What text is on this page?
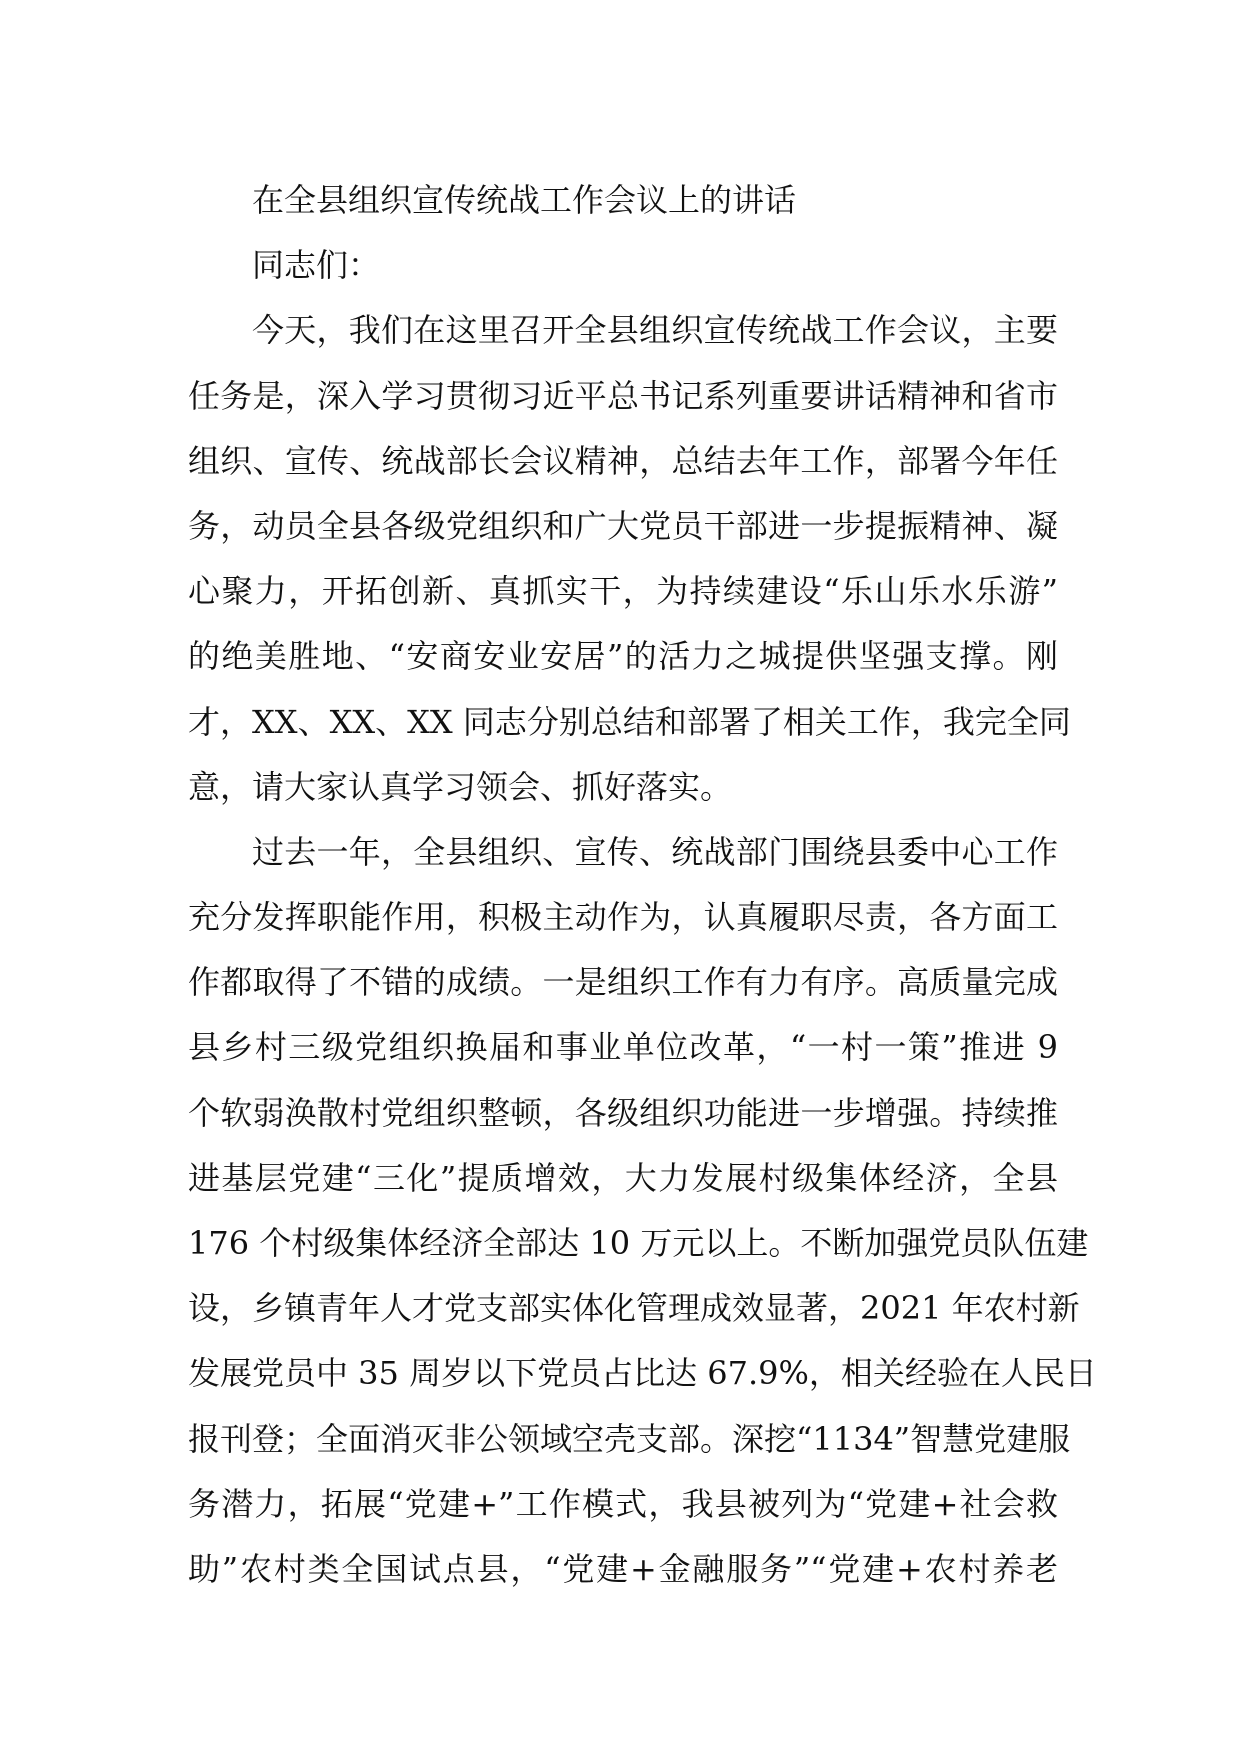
在全县组织宣传统战工作会议上的讲话
同志们：
今天，我们在这里召开全县组织宣传统战工作会议，主要
任务是，深入学习贯彻习近平总书记系列重要讲话精神和省市
组织、宣传、统战部长会议精神，总结去年工作，部署今年任
务，动员全县各级党组织和广大党员干部进一步提振精神、凝
心聚力，开拓创新、真抓实干，为持续建设“乐山乐水乐游”
的绝美胜地、“安商安业安居”的活力之城提供坚强支撑。刚
才，XX、XX、XX 同志分别总结和部署了相关工作，我完全同
意，请大家认真学习领会、抓好落实。
过去一年，全县组织、宣传、统战部门围绕县委中心工作
充分发挥职能作用，积极主动作为，认真履职尽责，各方面工
作都取得了不错的成绩。一是组织工作有力有序。高质量完成
县乡村三级党组织换届和事业单位改革，“一村一策”推进 9
个软弱涣散村党组织整顿，各级组织功能进一步增强。持续推
进基层党建“三化”提质增效，大力发展村级集体经济，全县
176 个村级集体经济全部达 10 万元以上。不断加强党员队伍建
设，乡镇青年人才党支部实体化管理成效显著，2021 年农村新
发展党员中 35 周岁以下党员占比达 67.9%，相关经验在人民日
报刊登；全面消灭非公领域空壳支部。深挖“1134”智慧党建服
务潜力，拓展“党建+”工作模式，我县被列为“党建+社会救
助”农村类全国试点县，“党建+金融服务”“党建+农村养老
